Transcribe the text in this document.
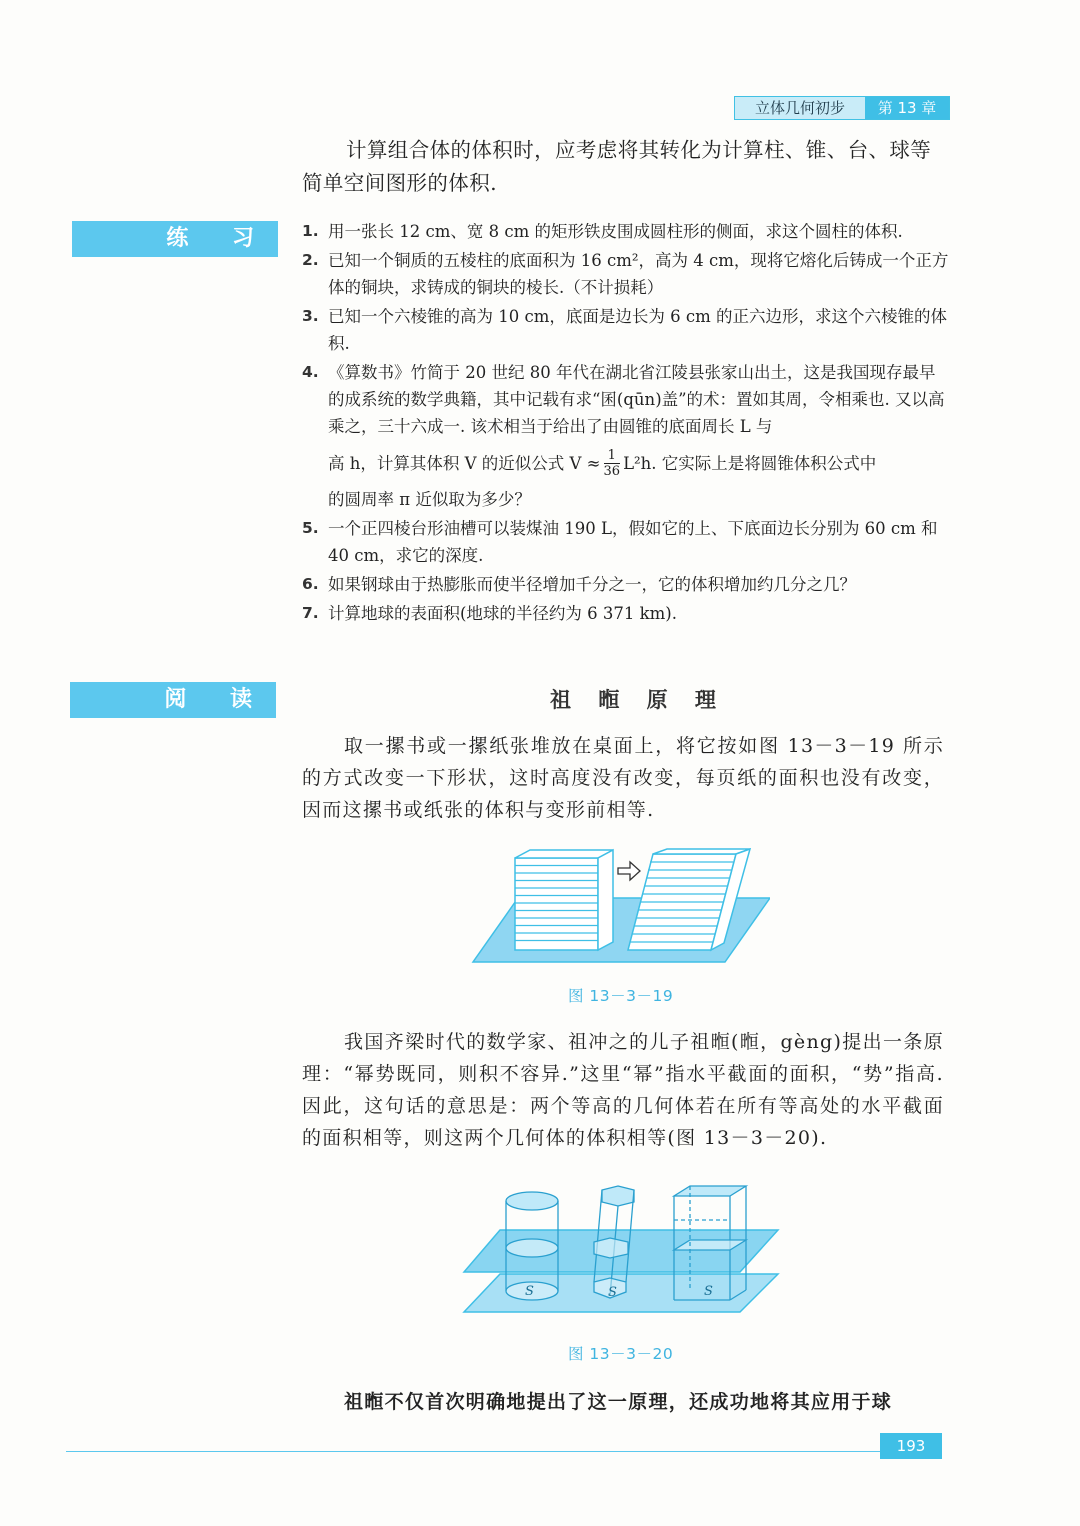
立体几何初步	第 13 章
计算组合体的体积时，应考虑将其转化为计算柱、锥、台、球等简单空间图形的体积.
练 习	1. 用一张长 12 cm、宽 8 cm 的矩形铁皮围成圆柱形的侧面，求这个圆柱的体积.
2. 已知一个铜质的五棱柱的底面积为 16 cm²，高为 4 cm，现将它熔化后铸成一个正方体的铜块，求铸成的铜块的棱长.（不计损耗）
3. 已知一个六棱锥的高为 10 cm，底面是边长为 6 cm 的正六边形，求这个六棱锥的体积.
4. 《算数书》竹简于 20 世纪 80 年代在湖北省江陵县张家山出土，这是我国现存最早的成系统的数学典籍，其中记载有求“囷(qūn)盖”的术：置如其周，令相乘也. 又以高乘之，三十六成一. 该术相当于给出了由圆锥的底面周长 L 与
高 h，计算其体积 V 的近似公式 $V \approx \frac{1}{36} L^2h$. 它实际上是将圆锥体积公式中
的圆周率 π 近似取为多少？
5. 一个正四棱台形油槽可以装煤油 190 L，假如它的上、下底面边长分别为 60 cm 和 40 cm，求它的深度.
6. 如果钢球由于热膨胀而使半径增加千分之一，它的体积增加约几分之几？
7. 计算地球的表面积(地球的半径约为 6 371 km).
阅 读	祖 暅 原 理
取一摞书或一摞纸张堆放在桌面上，将它按如图 13－3－19 所示的方式改变一下形状，这时高度没有改变，每页纸的面积也没有改变，因而这摞书或纸张的体积与变形前相等.
图 13－3－19
我国齐梁时代的数学家、祖冲之的儿子祖暅(暅，gèng)提出一条原理：“幂势既同，则积不容异.”这里“幂”指水平截面的面积，“势”指高. 因此，这句话的意思是：两个等高的几何体若在所有等高处的水平截面的面积相等，则这两个几何体的体积相等(图 13－3－20).
S	S	S
图 13－3－20
祖暅不仅首次明确地提出了这一原理，还成功地将其应用于球
193
